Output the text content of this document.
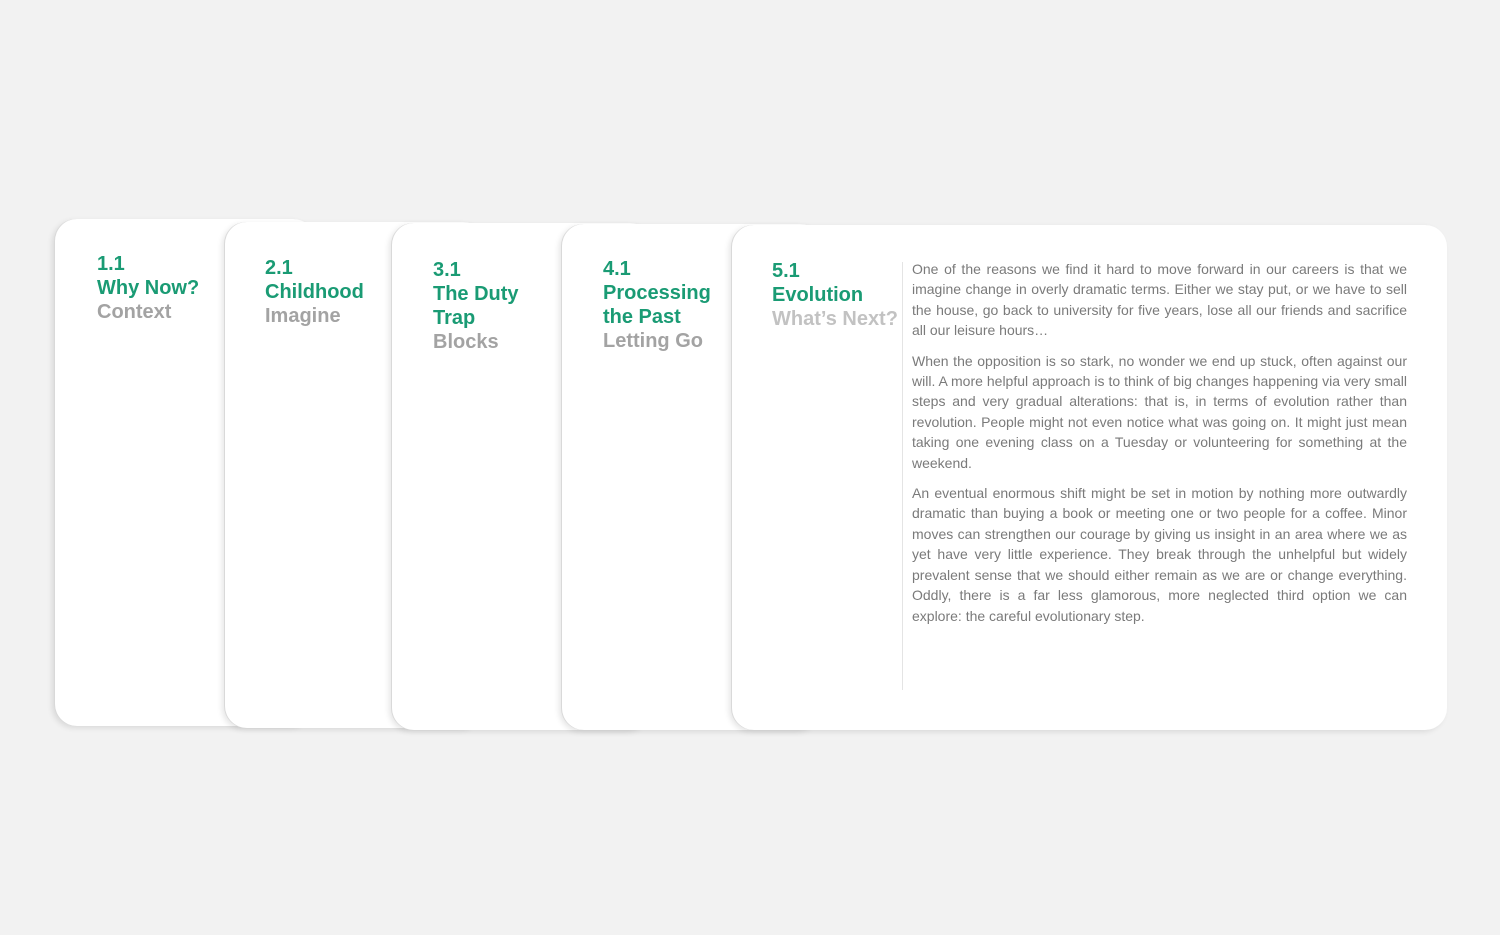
1.1
Why Now?
Context
2.1
Childhood
Imagine
3.1
The Duty
Trap
Blocks
4.1
Processing
the Past
Letting Go
5.1
Evolution
What’s Next?

One of the reasons we find it hard to move forward in our careers is that we imagine change in overly dramatic terms. Either we stay put, or we have to sell the house, go back to university for five years, lose all our friends and sacrifice all our leisure hours…

When the opposition is so stark, no wonder we end up stuck, often against our will. A more helpful approach is to think of big changes happening via very small steps and very gradual alterations: that is, in terms of evolution rather than revolution. People might not even notice what was going on. It might just mean taking one evening class on a Tuesday or volunteering for something at the weekend.

An eventual enormous shift might be set in motion by nothing more outwardly dramatic than buying a book or meeting one or two people for a coffee. Minor moves can strengthen our courage by giving us insight in an area where we as yet have very little experience. They break through the unhelpful but widely prevalent sense that we should either remain as we are or change everything. Oddly, there is a far less glamorous, more neglected third option we can explore: the careful evolutionary step.
